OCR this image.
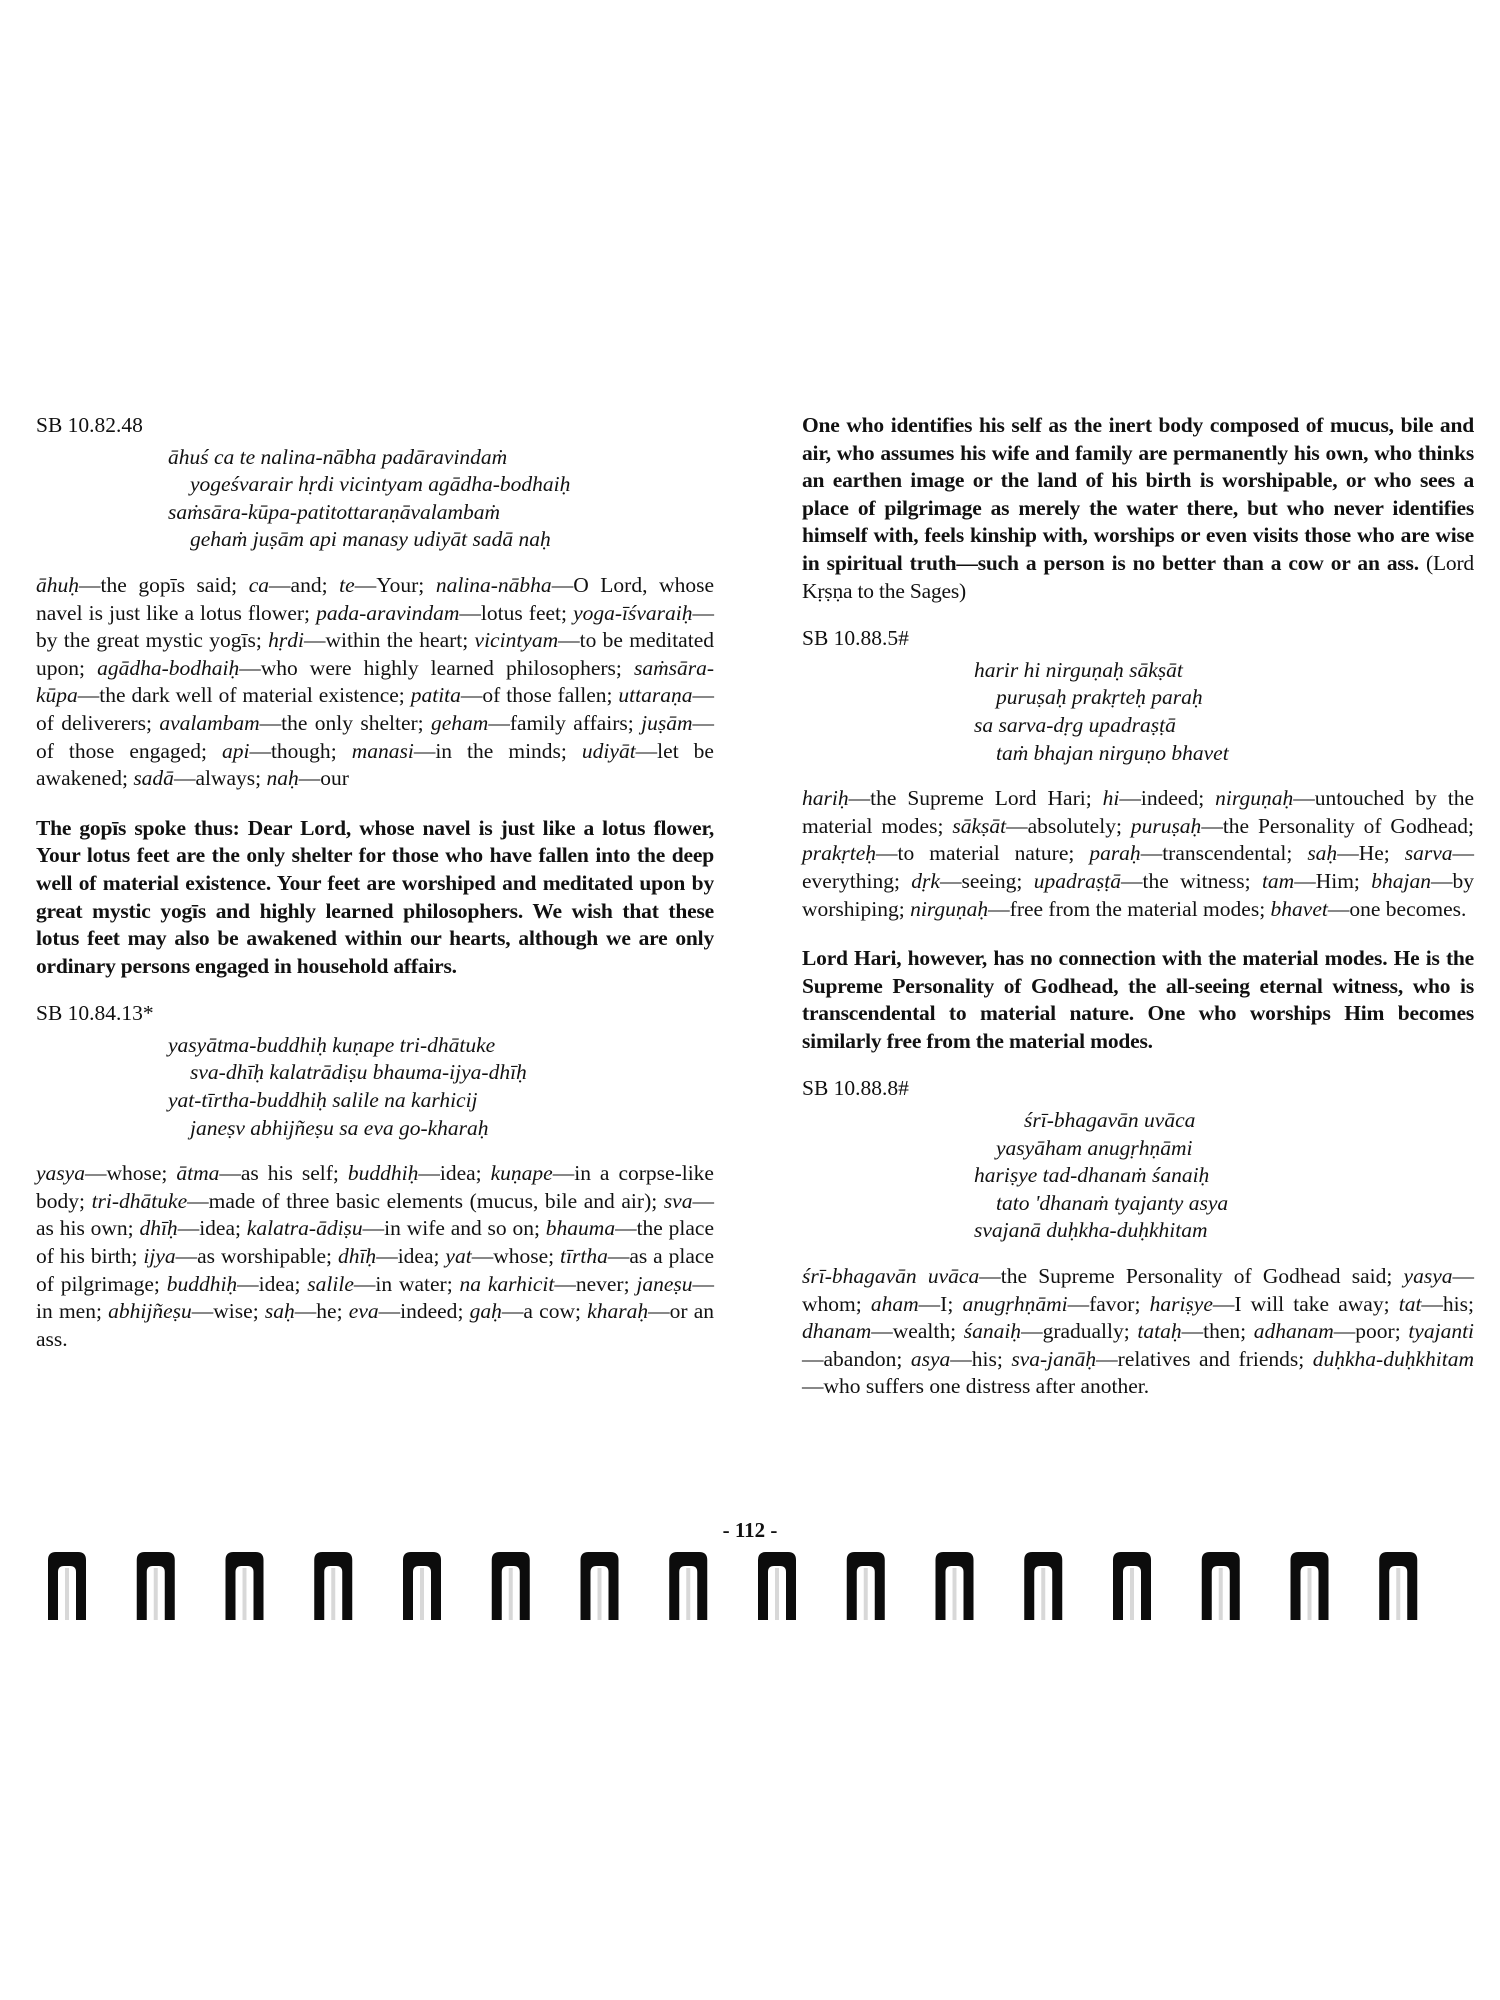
SB 10.82.48
āhuś ca te nalina-nābha padāravindaṁ
yogeśvarair hṛdi vicintyam agādha-bodhaiḥ
saṁsāra-kūpa-patitottaraṇāvalambaṁ
gehaṁ juṣām api manasy udiyāt sadā naḥ
āhuḥ—the gopīs said; ca—and; te—Your; nalina-nābha—O Lord, whose navel is just like a lotus flower; pada-aravindam—lotus feet; yoga-īśvaraiḥ—by the great mystic yogīs; hṛdi—within the heart; vicintyam—to be meditated upon; agādha-bodhaiḥ—who were highly learned philosophers; saṁsāra-kūpa—the dark well of material existence; patita—of those fallen; uttaraṇa—of deliverers; avalambam—the only shelter; geham—family affairs; juṣām—of those engaged; api—though; manasi—in the minds; udiyāt—let be awakened; sadā—always; naḥ—our
The gopīs spoke thus: Dear Lord, whose navel is just like a lotus flower, Your lotus feet are the only shelter for those who have fallen into the deep well of material existence. Your feet are worshiped and meditated upon by great mystic yogīs and highly learned philosophers. We wish that these lotus feet may also be awakened within our hearts, although we are only ordinary persons engaged in household affairs.
SB 10.84.13*
yasyātma-buddhiḥ kuṇape tri-dhātuke
sva-dhīḥ kalatrādiṣu bhauma-ijya-dhīḥ
yat-tīrtha-buddhiḥ salile na karhicij
janeṣv abhijñeṣu sa eva go-kharaḥ
yasya—whose; ātma—as his self; buddhiḥ—idea; kuṇape—in a corpse-like body; tri-dhātuke—made of three basic elements (mucus, bile and air); sva—as his own; dhīḥ—idea; kalatra-ādiṣu—in wife and so on; bhauma—the place of his birth; ijya—as worshipable; dhīḥ—idea; yat—whose; tīrtha—as a place of pilgrimage; buddhiḥ—idea; salile—in water; na karhicit—never; janeṣu—in men; abhijñeṣu—wise; saḥ—he; eva—indeed; gaḥ—a cow; kharaḥ—or an ass.
One who identifies his self as the inert body composed of mucus, bile and air, who assumes his wife and family are permanently his own, who thinks an earthen image or the land of his birth is worshipable, or who sees a place of pilgrimage as merely the water there, but who never identifies himself with, feels kinship with, worships or even visits those who are wise in spiritual truth—such a person is no better than a cow or an ass. (Lord Kṛṣṇa to the Sages)
SB 10.88.5#
harir hi nirguṇaḥ sākṣāt
puruṣaḥ prakṛteḥ paraḥ
sa sarva-dṛg upadraṣṭā
taṁ bhajan nirguṇo bhavet
hariḥ—the Supreme Lord Hari; hi—indeed; nirguṇaḥ—untouched by the material modes; sākṣāt—absolutely; puruṣaḥ—the Personality of Godhead; prakṛteḥ—to material nature; paraḥ—transcendental; saḥ—He; sarva—everything; dṛk—seeing; upadraṣṭā—the witness; tam—Him; bhajan—by worshiping; nirguṇaḥ—free from the material modes; bhavet—one becomes.
Lord Hari, however, has no connection with the material modes. He is the Supreme Personality of Godhead, the all-seeing eternal witness, who is transcendental to material nature. One who worships Him becomes similarly free from the material modes.
SB 10.88.8#
śrī-bhagavān uvāca
yasyāham anugṛhṇāmi
hariṣye tad-dhanaṁ śanaiḥ
tato 'dhanaṁ tyajanty asya
svajanā duḥkha-duḥkhitam
śrī-bhagavān uvāca—the Supreme Personality of Godhead said; yasya—whom; aham—I; anugṛhṇāmi—favor; hariṣye—I will take away; tat—his; dhanam—wealth; śanaiḥ—gradually; tataḥ—then; adhanam—poor; tyajanti—abandon; asya—his; sva-janāḥ—relatives and friends; duḥkha-duḥkhitam—who suffers one distress after another.
- 112 -
